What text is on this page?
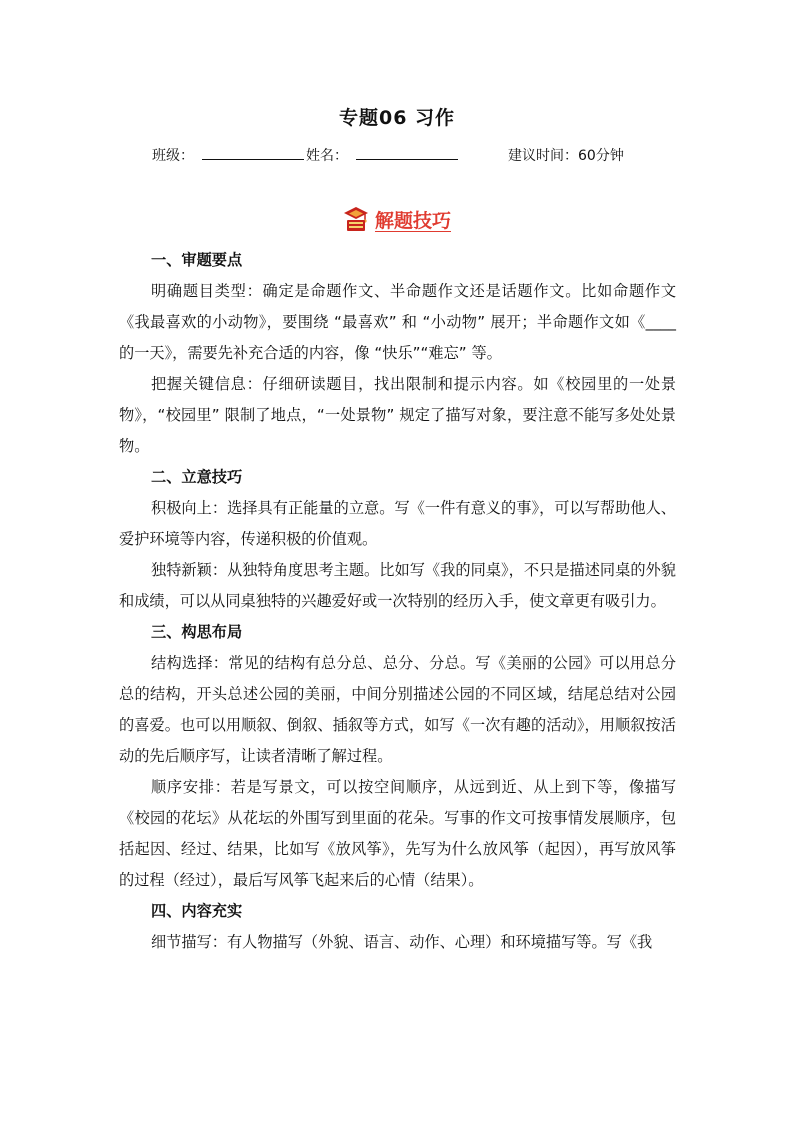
专题06 习作
班级：	姓名：	建议时间：60分钟
解题技巧

一、审题要点

明确题目类型：确定是命题作文、半命题作文还是话题作文。比如命题作文《我最喜欢的小动物》，要围绕 “最喜欢” 和 “小动物” 展开；半命题作文如《____的一天》，需要先补充合适的内容，像 “快乐”“难忘” 等。

把握关键信息：仔细研读题目，找出限制和提示内容。如《校园里的一处景物》，“校园里” 限制了地点，“一处景物” 规定了描写对象，要注意不能写多处处景物。

二、立意技巧

积极向上：选择具有正能量的立意。写《一件有意义的事》，可以写帮助他人、爱护环境等内容，传递积极的价值观。

独特新颖：从独特角度思考主题。比如写《我的同桌》，不只是描述同桌的外貌和成绩，可以从同桌独特的兴趣爱好或一次特别的经历入手，使文章更有吸引力。

三、构思布局

结构选择：常见的结构有总分总、总分、分总。写《美丽的公园》可以用总分总的结构，开头总述公园的美丽，中间分别描述公园的不同区域，结尾总结对公园的喜爱。也可以用顺叙、倒叙、插叙等方式，如写《一次有趣的活动》，用顺叙按活动的先后顺序写，让读者清晰了解过程。

顺序安排：若是写景文，可以按空间顺序，从远到近、从上到下等，像描写《校园的花坛》从花坛的外围写到里面的花朵。写事的作文可按事情发展顺序，包括起因、经过、结果，比如写《放风筝》，先写为什么放风筝（起因），再写放风筝的过程（经过），最后写风筝飞起来后的心情（结果）。

四、内容充实

细节描写：有人物描写（外貌、语言、动作、心理）和环境描写等。写《我
